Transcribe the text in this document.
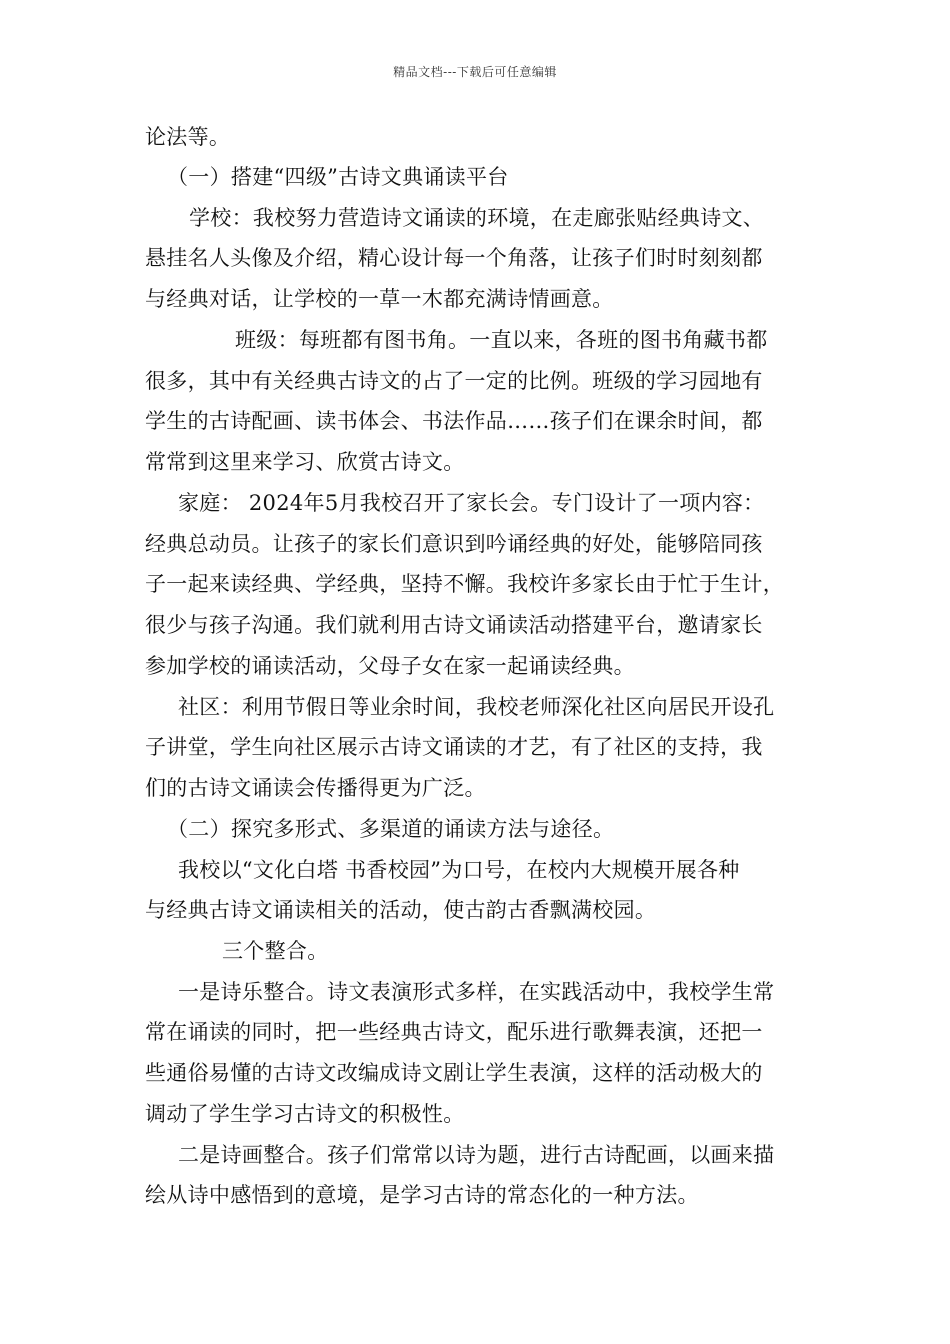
精品文档---下载后可任意编辑
论法等。
（一）搭建“四级”古诗文典诵读平台
学校：我校努力营造诗文诵读的环境，在走廊张贴经典诗文、
悬挂名人头像及介绍，精心设计每一个角落，让孩子们时时刻刻都
与经典对话，让学校的一草一木都充满诗情画意。
班级：每班都有图书角。一直以来，各班的图书角藏书都
很多，其中有关经典古诗文的占了一定的比例。班级的学习园地有
学生的古诗配画、读书体会、书法作品……孩子们在课余时间，都
常常到这里来学习、欣赏古诗文。
家庭： 2024年5月我校召开了家长会。专门设计了一项内容：
经典总动员。让孩子的家长们意识到吟诵经典的好处，能够陪同孩
子一起来读经典、学经典，坚持不懈。我校许多家长由于忙于生计，
很少与孩子沟通。我们就利用古诗文诵读活动搭建平台，邀请家长
参加学校的诵读活动，父母子女在家一起诵读经典。
社区：利用节假日等业余时间，我校老师深化社区向居民开设孔
子讲堂，学生向社区展示古诗文诵读的才艺，有了社区的支持，我
们的古诗文诵读会传播得更为广泛。
（二）探究多形式、多渠道的诵读方法与途径。
我校以“文化白塔 书香校园”为口号，在校内大规模开展各种
与经典古诗文诵读相关的活动，使古韵古香飘满校园。
三个整合。
一是诗乐整合。诗文表演形式多样，在实践活动中，我校学生常
常在诵读的同时，把一些经典古诗文，配乐进行歌舞表演，还把一
些通俗易懂的古诗文改编成诗文剧让学生表演，这样的活动极大的
调动了学生学习古诗文的积极性。
二是诗画整合。孩子们常常以诗为题，进行古诗配画，以画来描
绘从诗中感悟到的意境，是学习古诗的常态化的一种方法。
